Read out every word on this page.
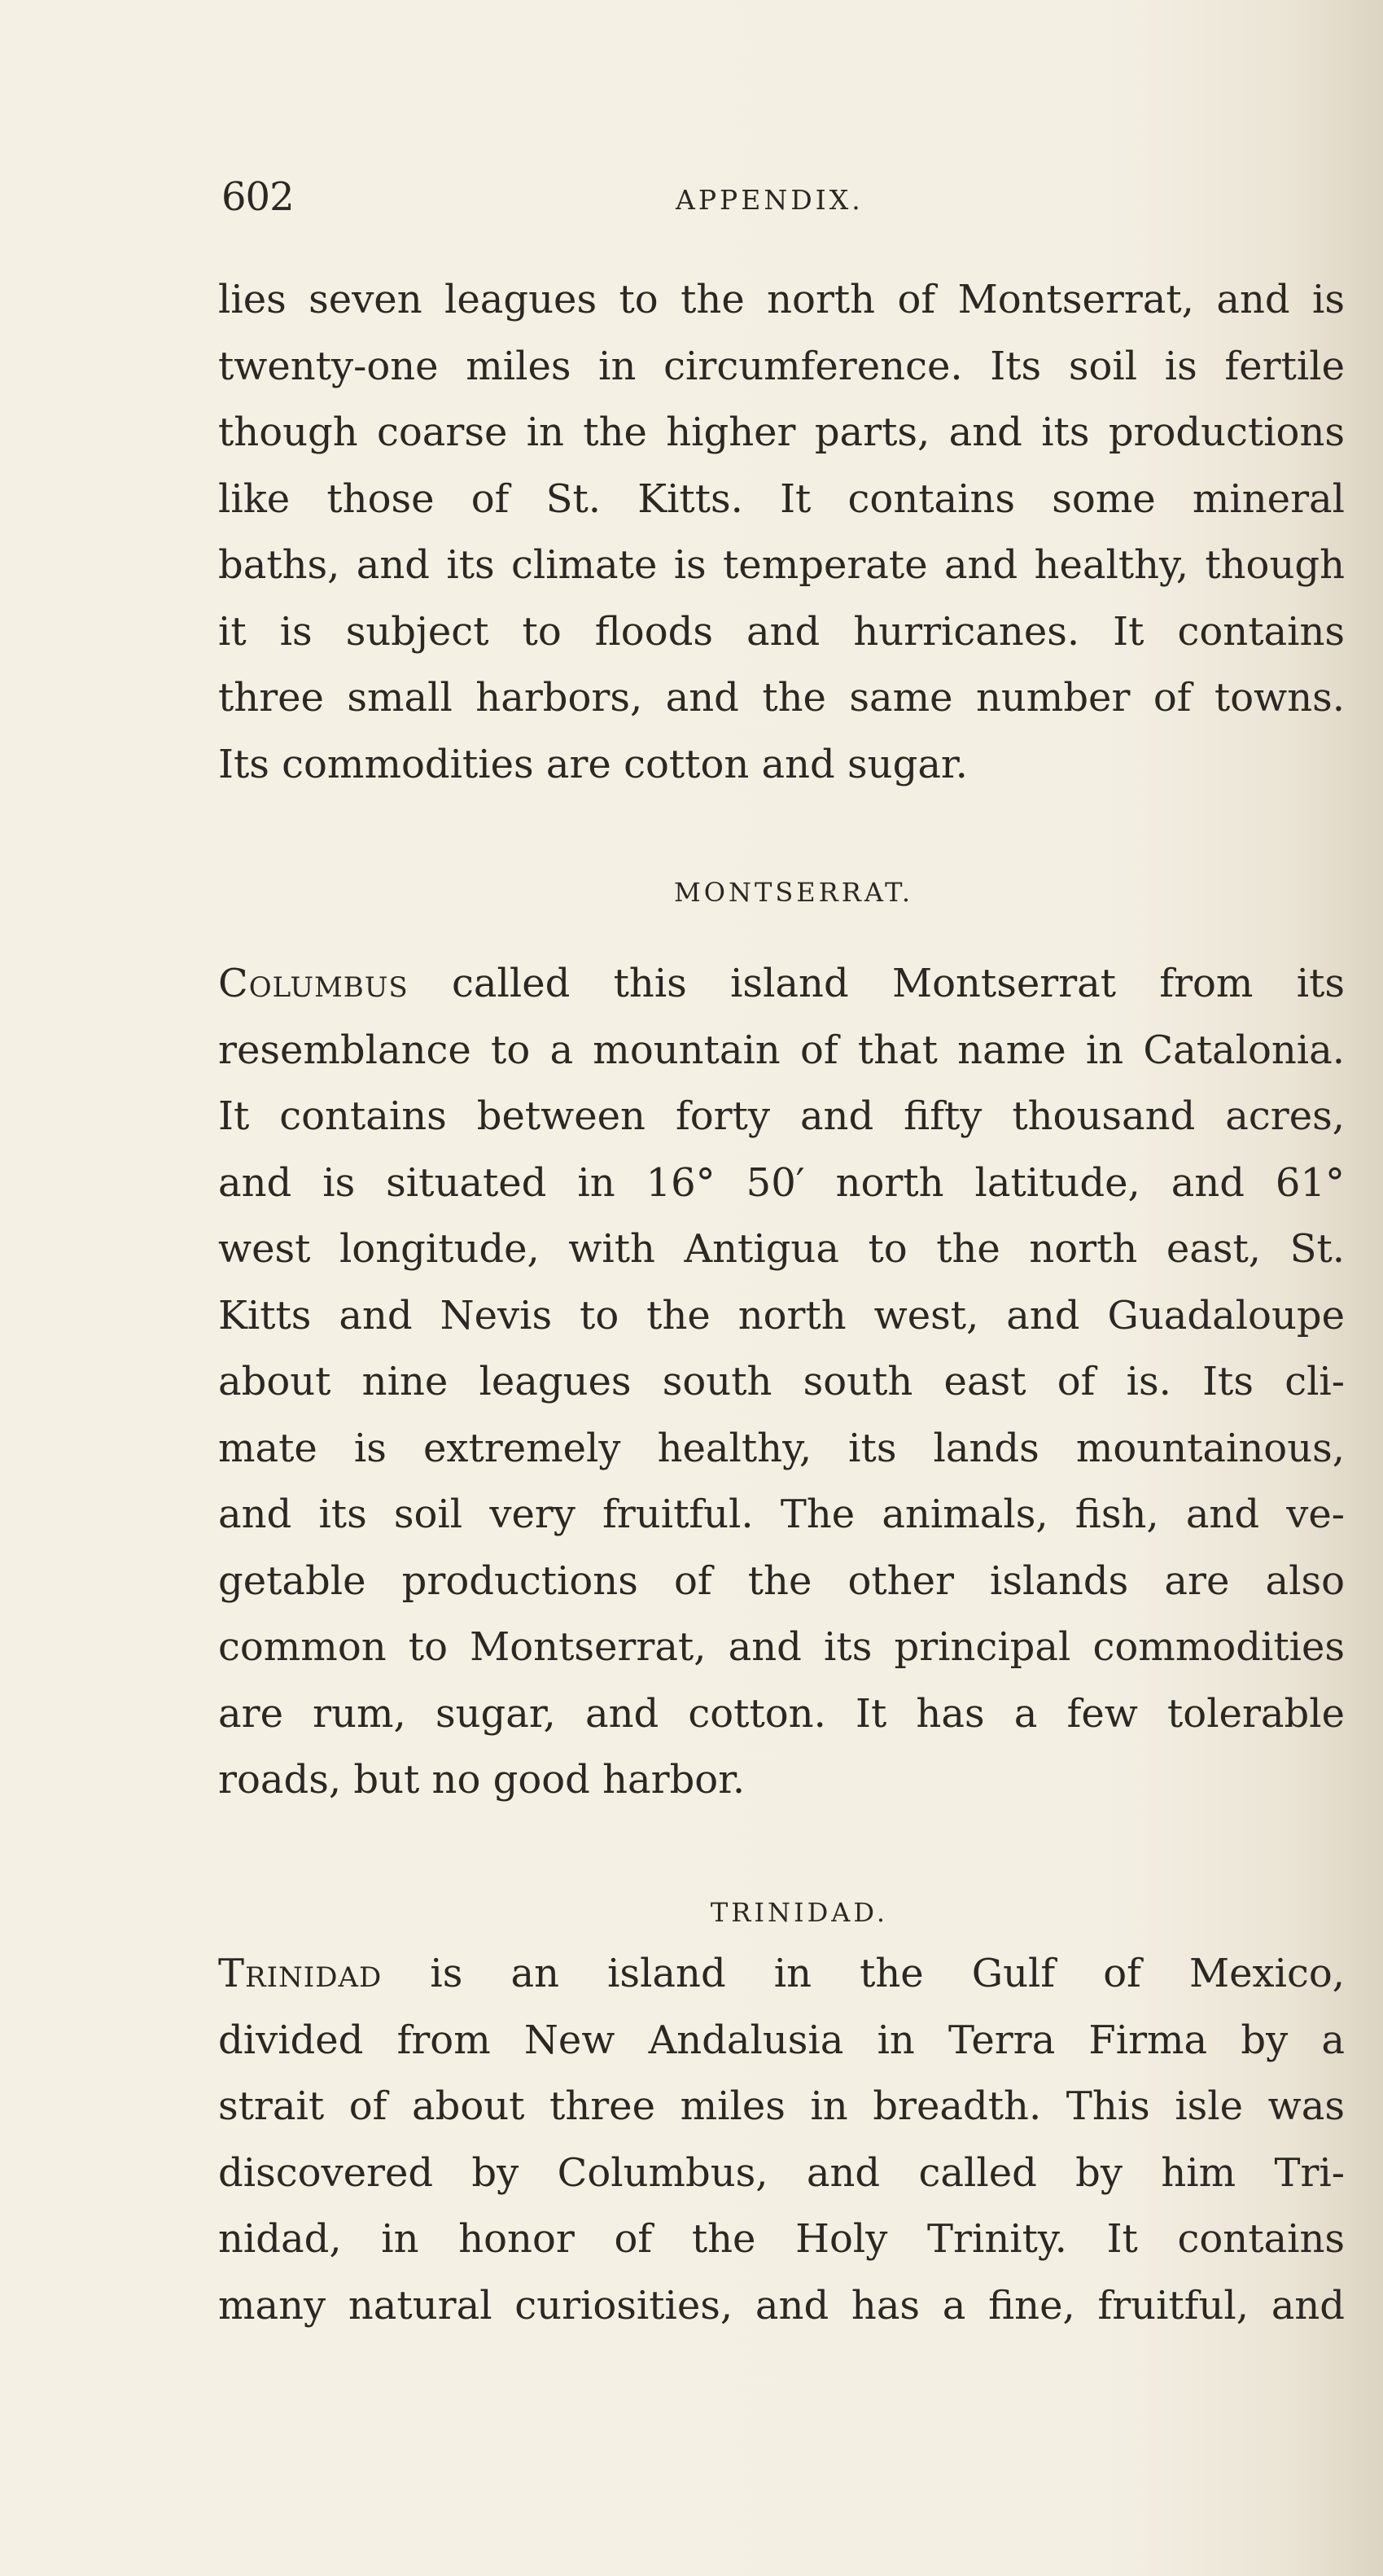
602	APPENDIX.
lies seven leagues to the north of Montserrat, and is
twenty-one miles in circumference. Its soil is fertile
though coarse in the higher parts, and its productions
like those of St. Kitts. It contains some mineral
baths, and its climate is temperate and healthy, though
it is subject to floods and hurricanes. It contains
three small harbors, and the same number of towns.
Its commodities are cotton and sugar.
MONTSERRAT.
Columbus called this island Montserrat from its
resemblance to a mountain of that name in Catalonia.
It contains between forty and fifty thousand acres,
and is situated in 16° 50′ north latitude, and 61°
west longitude, with Antigua to the north east, St.
Kitts and Nevis to the north west, and Guadaloupe
about nine leagues south south east of is. Its cli-
mate is extremely healthy, its lands mountainous,
and its soil very fruitful. The animals, fish, and ve-
getable productions of the other islands are also
common to Montserrat, and its principal commodities
are rum, sugar, and cotton. It has a few tolerable
roads, but no good harbor.
TRINIDAD.
Trinidad is an island in the Gulf of Mexico,
divided from New Andalusia in Terra Firma by a
strait of about three miles in breadth. This isle was
discovered by Columbus, and called by him Tri-
nidad, in honor of the Holy Trinity. It contains
many natural curiosities, and has a fine, fruitful, and
